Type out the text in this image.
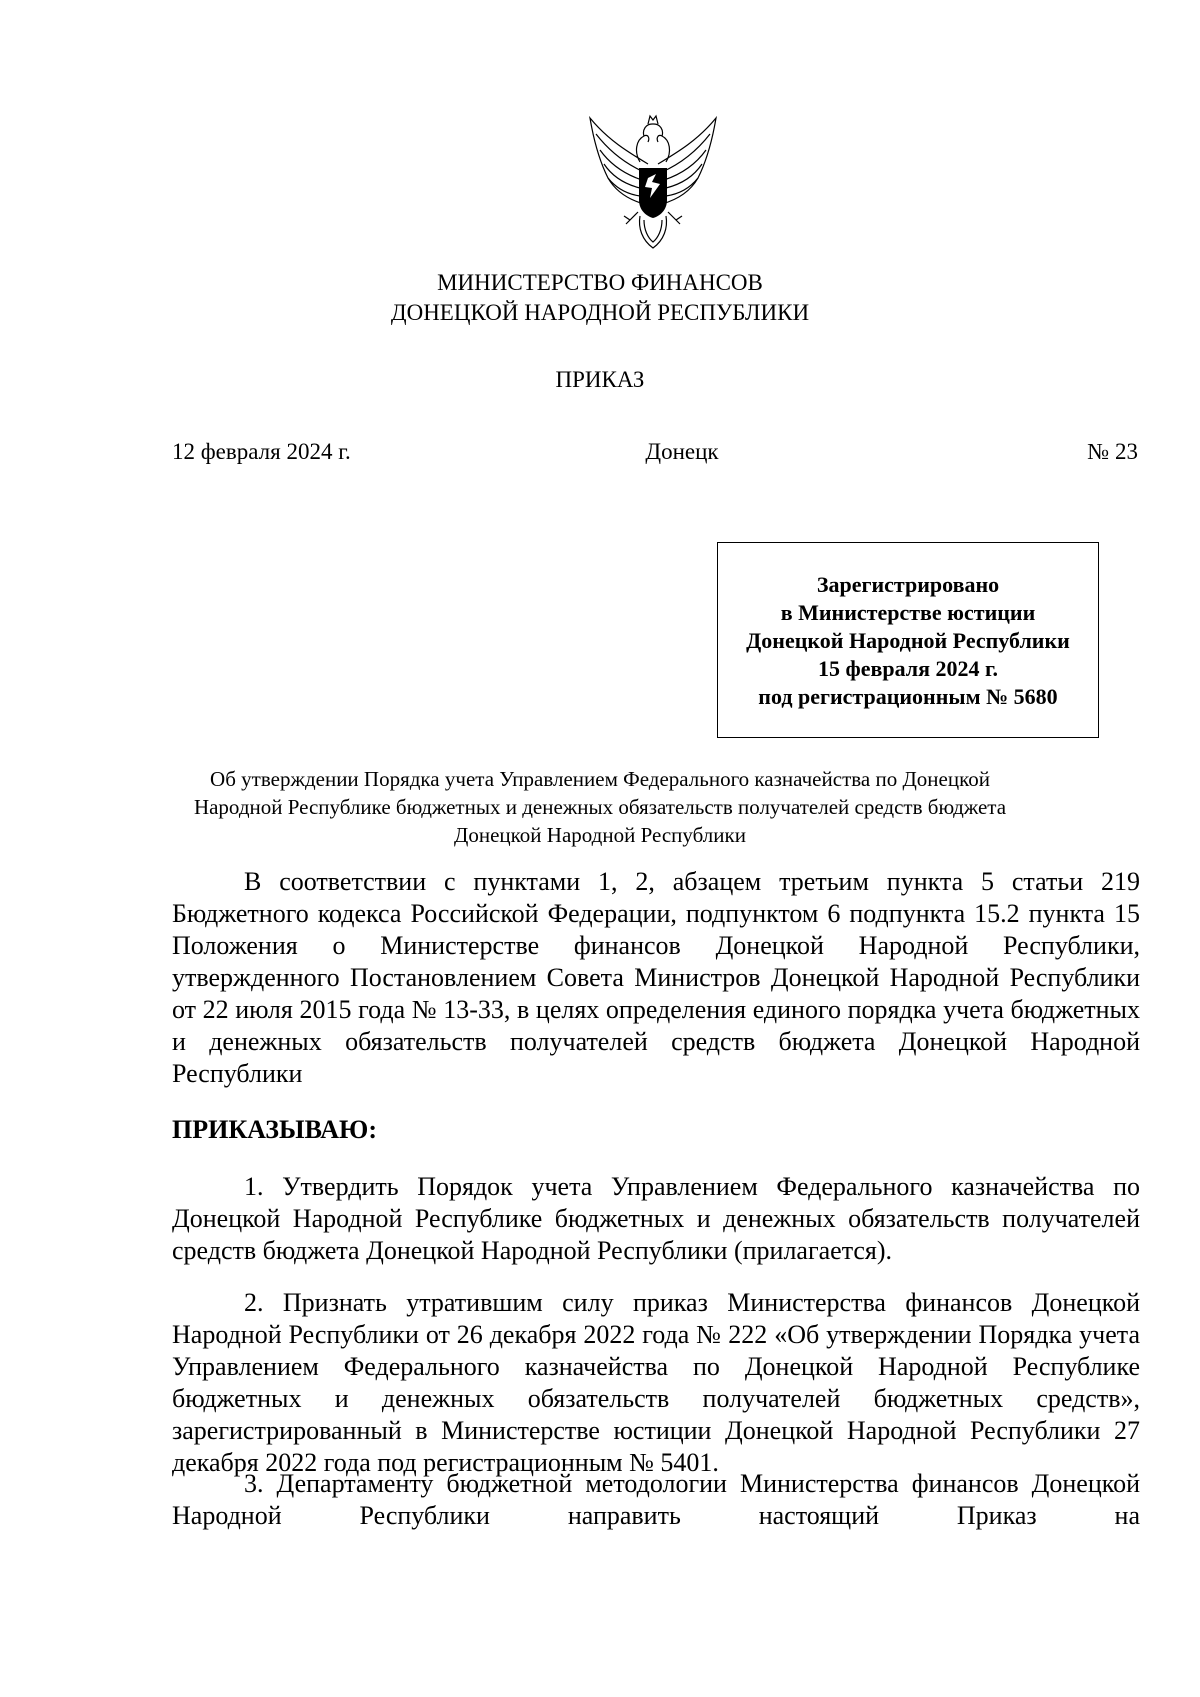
МИНИСТЕРСТВО ФИНАНСОВ
ДОНЕЦКОЙ НАРОДНОЙ РЕСПУБЛИКИ
ПРИКАЗ
12 февраля 2024 г.	Донецк	№ 23
Зарегистрировано
в Министерстве юстиции
Донецкой Народной Республики
15 февраля 2024 г.
под регистрационным № 5680
Об утверждении Порядка учета Управлением Федерального казначейства по Донецкой
Народной Республике бюджетных и денежных обязательств получателей средств бюджета
Донецкой Народной Республики

В соответствии с пунктами 1, 2, абзацем третьим пункта 5 статьи 219 Бюджетного кодекса Российской Федерации, подпунктом 6 подпункта 15.2 пункта 15 Положения о Министерстве финансов Донецкой Народной Республики, утвержденного Постановлением Совета Министров Донецкой Народной Республики от 22 июля 2015 года № 13-33, в целях определения единого порядка учета бюджетных и денежных обязательств получателей средств бюджета Донецкой Народной Республики

ПРИКАЗЫВАЮ:

1. Утвердить Порядок учета Управлением Федерального казначейства по Донецкой Народной Республике бюджетных и денежных обязательств получателей средств бюджета Донецкой Народной Республики (прилагается).

2. Признать утратившим силу приказ Министерства финансов Донецкой Народной Республики от 26 декабря 2022 года № 222 «Об утверждении Порядка учета Управлением Федерального казначейства по Донецкой Народной Республике бюджетных и денежных обязательств получателей бюджетных средств», зарегистрированный в Министерстве юстиции Донецкой Народной Республики 27 декабря 2022 года под регистрационным № 5401.

3. Департаменту бюджетной методологии Министерства финансов Донецкой Народной Республики направить настоящий Приказ на
